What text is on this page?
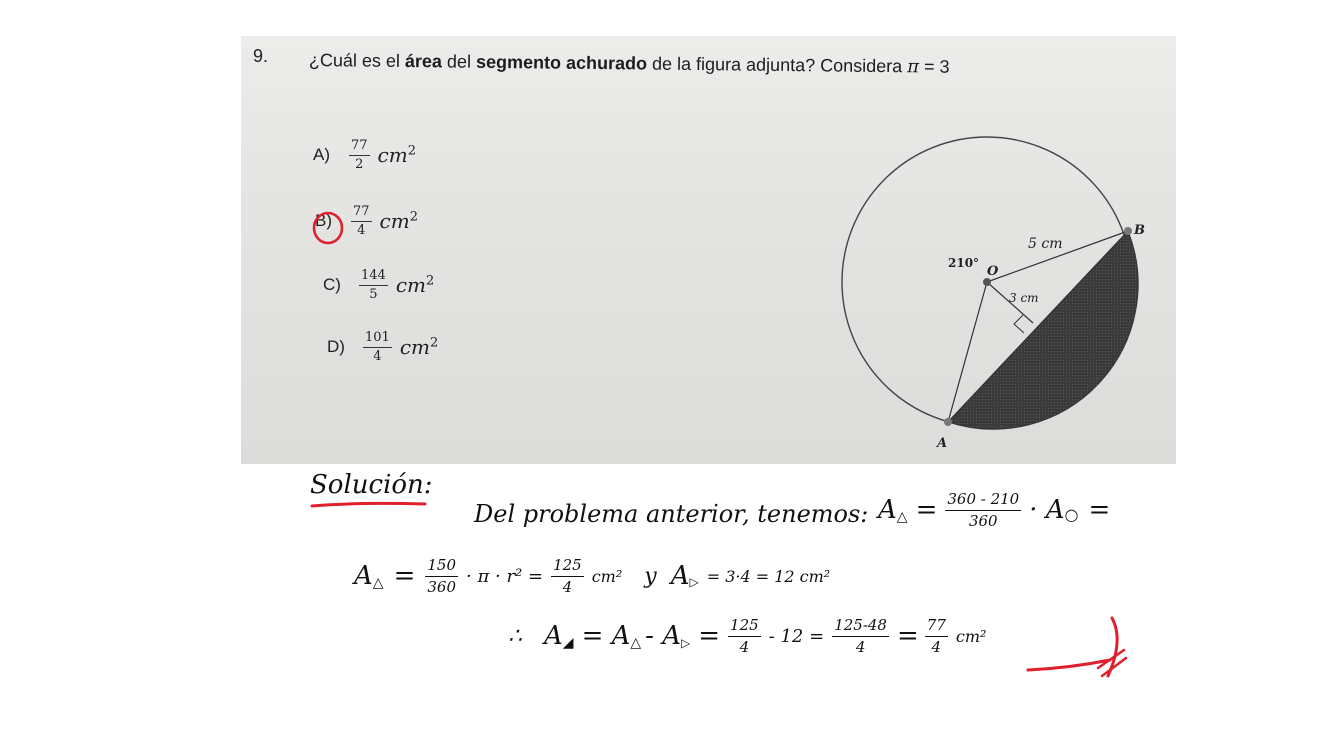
9. ¿Cuál es el área del segmento achurado de la figura adjunta? Considera π = 3
A)	$\frac{77}{2} cm^2$
B)	$\frac{77}{4} cm^2$
C)	$\frac{144}{5} cm^2$
D)	$\frac{101}{4} cm^2$
210°
O
B
A
5 cm
3 cm
Solución:
Del problema anterior, tenemos: A △ = $\frac{360 - 210}{360} \cdot A$ ○ =
A △ = $\frac{150}{360} \cdot \pi \cdot r^2 = \frac{125}{4} cm^2$ y A ▷ = 3·4 = 12 cm²
∴ A ◢ = A △ - A ▷ = $\frac{125}{4} - 12 = \frac{125-48}{4} = \frac{77}{4} cm^2$
